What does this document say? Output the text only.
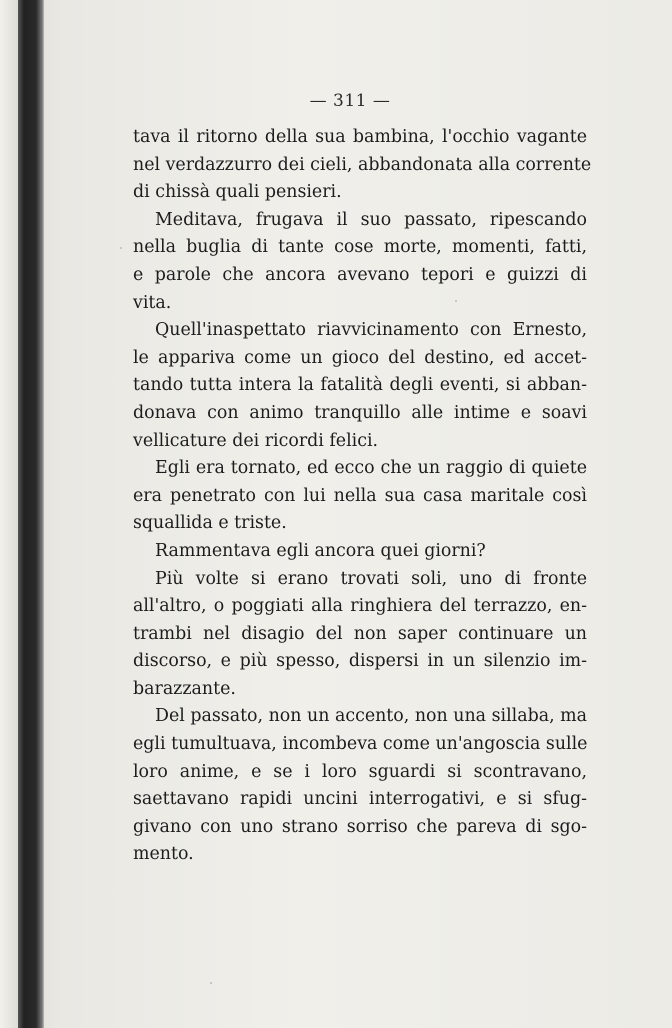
— 311 —
tava il ritorno della sua bambina, l'occhio vagante
nel verdazzurro dei cieli, abbandonata alla corrente
di chissà quali pensieri.
Meditava, frugava il suo passato, ripescando
nella buglia di tante cose morte, momenti, fatti,
e parole che ancora avevano tepori e guizzi di
vita.
Quell'inaspettato riavvicinamento con Ernesto,
le appariva come un gioco del destino, ed accet-
tando tutta intera la fatalità degli eventi, si abban-
donava con animo tranquillo alle intime e soavi
vellicature dei ricordi felici.
Egli era tornato, ed ecco che un raggio di quiete
era penetrato con lui nella sua casa maritale così
squallida e triste.
Rammentava egli ancora quei giorni?
Più volte si erano trovati soli, uno di fronte
all'altro, o poggiati alla ringhiera del terrazzo, en-
trambi nel disagio del non saper continuare un
discorso, e più spesso, dispersi in un silenzio im-
barazzante.
Del passato, non un accento, non una sillaba, ma
egli tumultuava, incombeva come un'angoscia sulle
loro anime, e se i loro sguardi si scontravano,
saettavano rapidi uncini interrogativi, e si sfug-
givano con uno strano sorriso che pareva di sgo-
mento.
